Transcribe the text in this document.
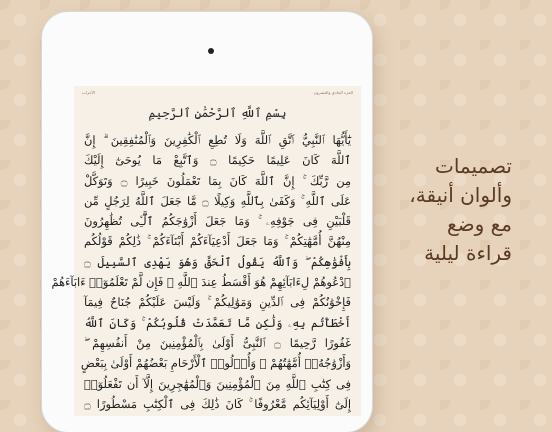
الأحزاب	الجزء الحادي والعشرون
بِسْمِ ٱللَّهِ ٱلرَّحْمَٰنِ ٱلرَّحِيمِ
يَٰٓأَيُّهَا ٱلنَّبِيُّ ٱتَّقِ ٱللَّهَ وَلَا تُطِعِ ٱلْكَٰفِرِينَ وَٱلْمُنَٰفِقِينَ ۗ إِنَّ
ٱللَّهَ كَانَ عَلِيمًا حَكِيمًا ۝ وَٱتَّبِعْ مَا يُوحَىٰٓ إِلَيْكَ
مِن رَّبِّكَ ۚ إِنَّ ٱللَّهَ كَانَ بِمَا تَعْمَلُونَ خَبِيرًا ۝ وَتَوَكَّلْ
عَلَى ٱللَّهِ ۚ وَكَفَىٰ بِٱللَّهِ وَكِيلًا ۝ مَّا جَعَلَ ٱللَّهُ لِرَجُلٍ مِّن
قَلْبَيْنِ فِى جَوْفِهِۦ ۚ وَمَا جَعَلَ أَزْوَٰجَكُمُ ٱلَّٰٓـِٔى تُظَٰهِرُونَ
مِنْهُنَّ أُمَّهَٰتِكُمْ ۚ وَمَا جَعَلَ أَدْعِيَآءَكُمْ أَبْنَآءَكُمْ ۚ ذَٰلِكُمْ قَوْلُكُم
بِأَفْوَٰهِكُمْ ۖ وَٱللَّهُ يَقُولُ ٱلْحَقَّ وَهُوَ يَهْدِى ٱلسَّبِيلَ ۝
ٱدْعُوهُمْ لِءَابَآئِهِمْ هُوَ أَقْسَطُ عِندَ ٱللَّهِ ۚ فَإِن لَّمْ تَعْلَمُوٓا۟ ءَابَآءَهُمْ
فَإِخْوَٰنُكُمْ فِى ٱلدِّينِ وَمَوَٰلِيكُمْ ۚ وَلَيْسَ عَلَيْكُمْ جُنَاحٌ فِيمَآ
أَخْطَأْتُم بِهِۦ وَلَٰكِن مَّا تَعَمَّدَتْ قُلُوبُكُمْ ۚ وَكَانَ ٱللَّهُ
غَفُورًا رَّحِيمًا ۝ ٱلنَّبِىُّ أَوْلَىٰ بِٱلْمُؤْمِنِينَ مِنْ أَنفُسِهِمْ ۖ
وَأَزْوَٰجُهُۥٓ أُمَّهَٰتُهُمْ ۗ وَأُو۟لُوا۟ ٱلْأَرْحَامِ بَعْضُهُمْ أَوْلَىٰ بِبَعْضٍ
فِى كِتَٰبِ ٱللَّهِ مِنَ ٱلْمُؤْمِنِينَ وَٱلْمُهَٰجِرِينَ إِلَّآ أَن تَفْعَلُوٓا۟
إِلَىٰٓ أَوْلِيَآئِكُم مَّعْرُوفًا ۚ كَانَ ذَٰلِكَ فِى ٱلْكِتَٰبِ مَسْطُورًا ۝
تصميمات
وألوان أنيقة،
مع وضع
قراءة ليلية
